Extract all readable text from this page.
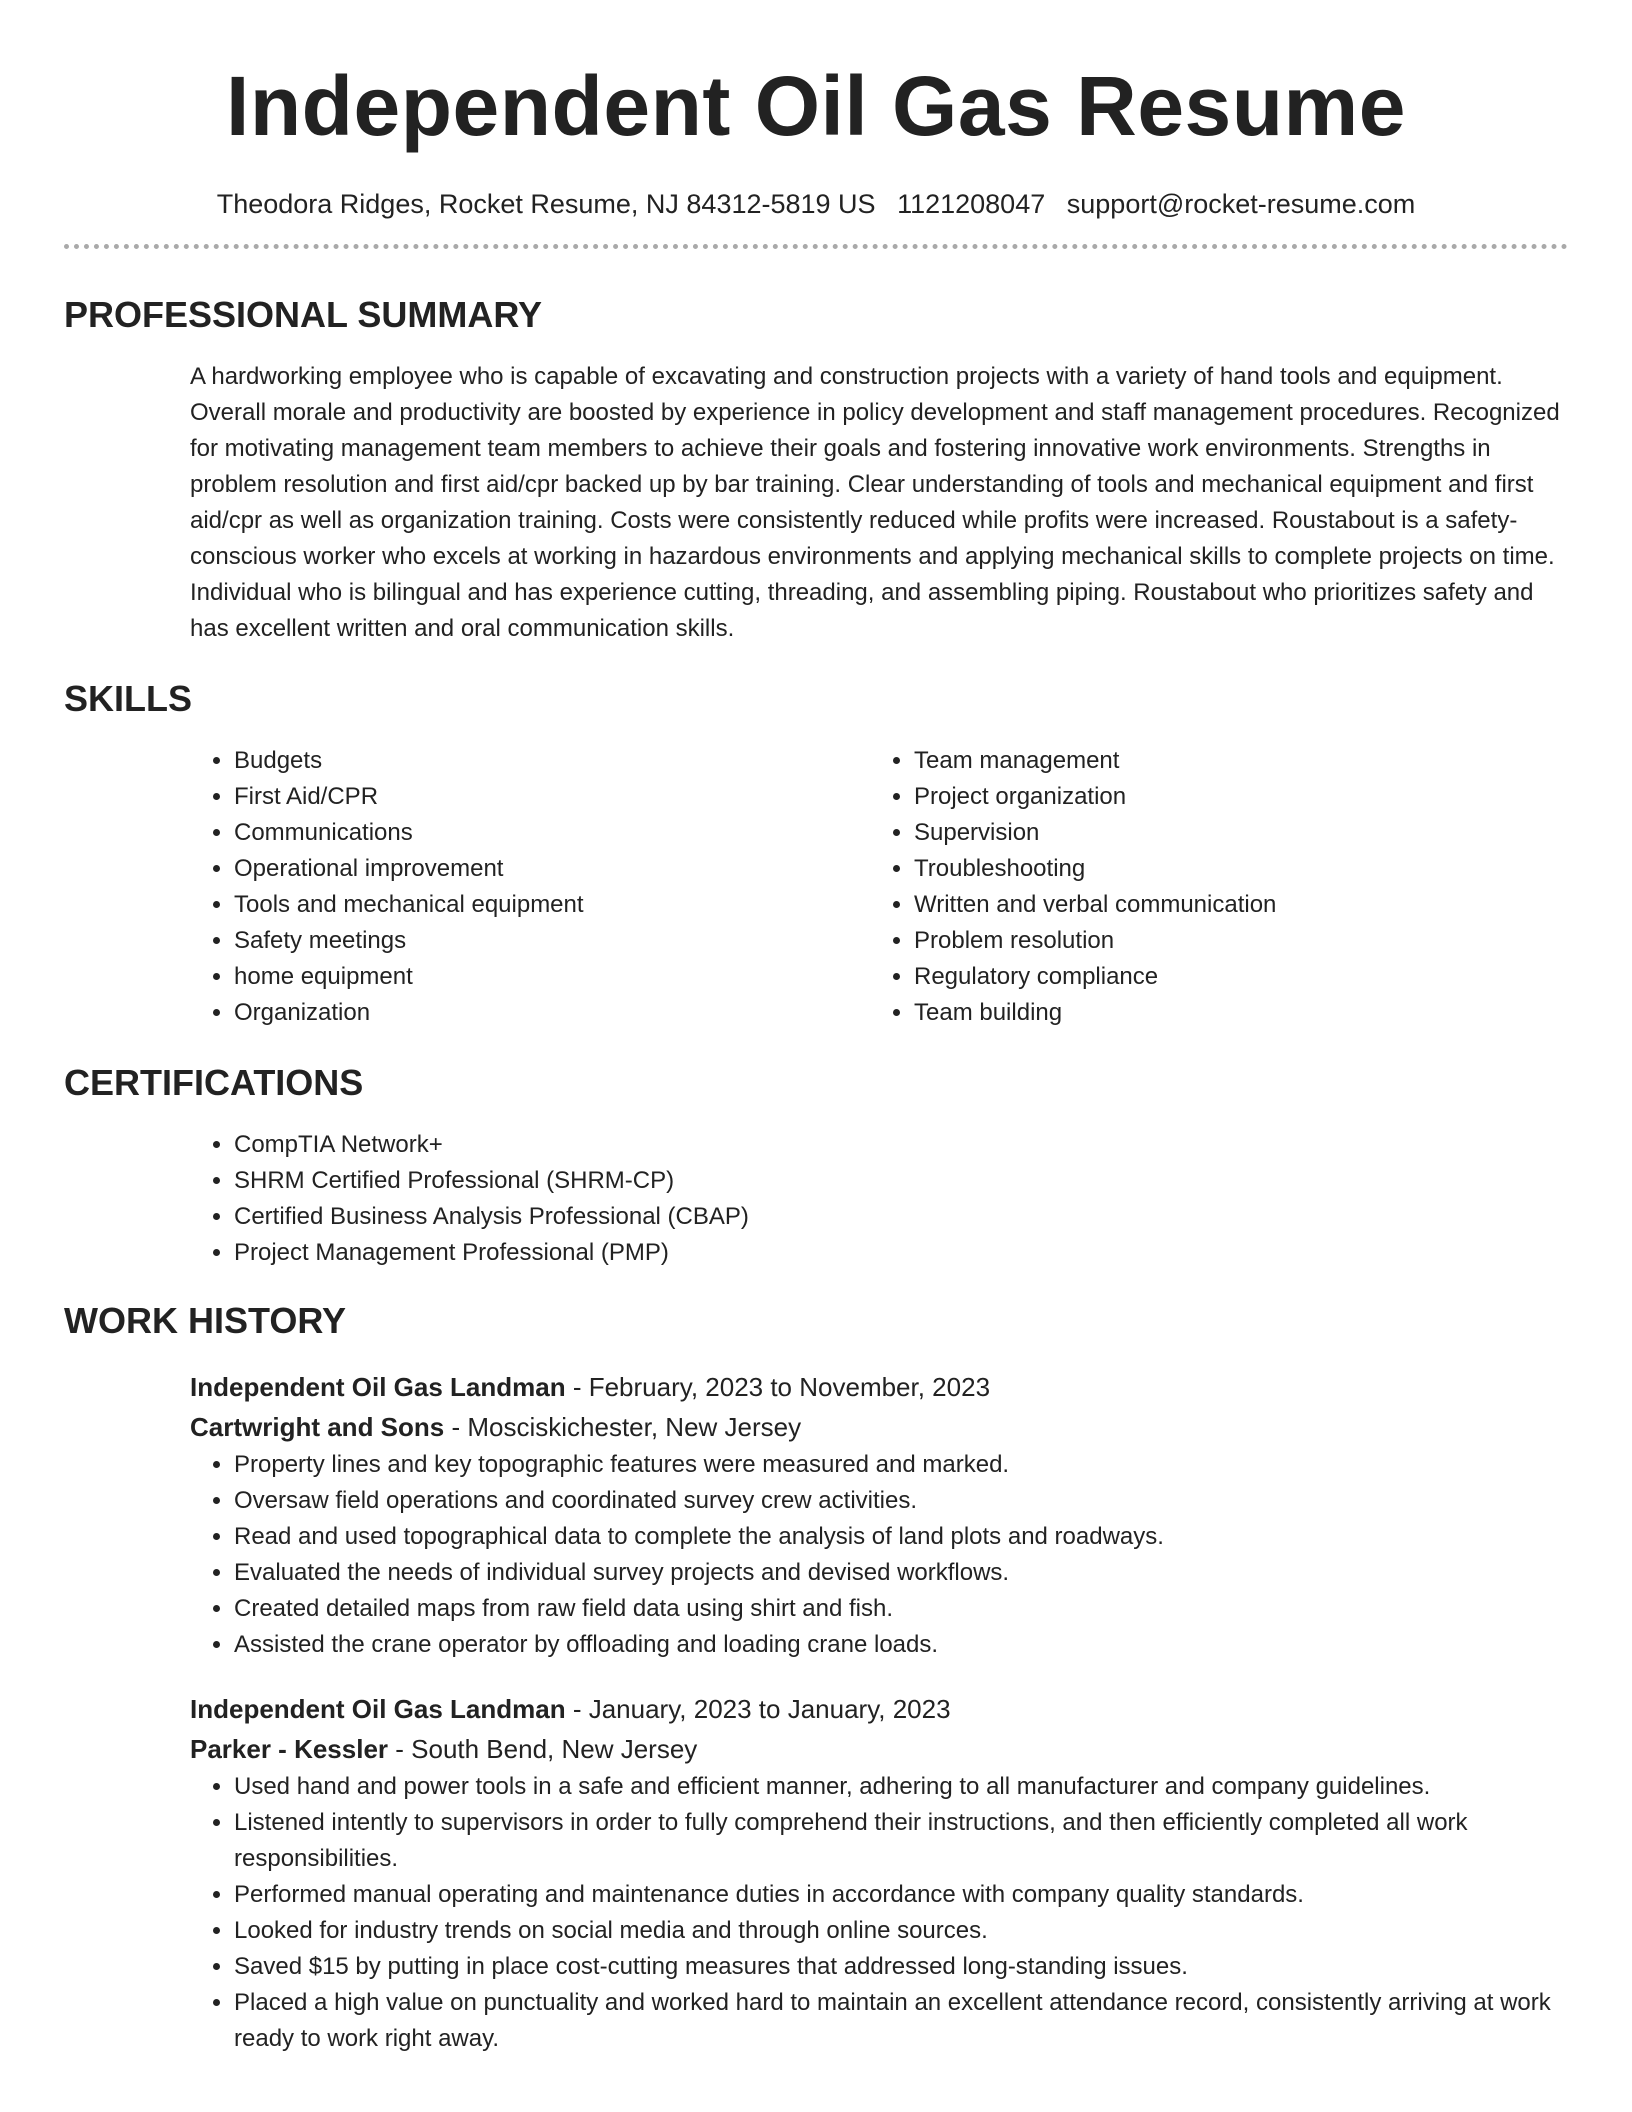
Independent Oil Gas Resume
Theodora Ridges, Rocket Resume, NJ 84312-5819 US 1121208047 support@rocket-resume.com
PROFESSIONAL SUMMARY

A hardworking employee who is capable of excavating and construction projects with a variety of hand tools and equipment. Overall morale and productivity are boosted by experience in policy development and staff management procedures. Recognized for motivating management team members to achieve their goals and fostering innovative work environments. Strengths in problem resolution and first aid/cpr backed up by bar training. Clear understanding of tools and mechanical equipment and first aid/cpr as well as organization training. Costs were consistently reduced while profits were increased. Roustabout is a safety-conscious worker who excels at working in hazardous environments and applying mechanical skills to complete projects on time. Individual who is bilingual and has experience cutting, threading, and assembling piping. Roustabout who prioritizes safety and has excellent written and oral communication skills.

SKILLS
• Budgets
• First Aid/CPR
• Communications
• Operational improvement
• Tools and mechanical equipment
• Safety meetings
• home equipment
• Organization
• Team management
• Project organization
• Supervision
• Troubleshooting
• Written and verbal communication
• Problem resolution
• Regulatory compliance
• Team building
CERTIFICATIONS
• CompTIA Network+
• SHRM Certified Professional (SHRM-CP)
• Certified Business Analysis Professional (CBAP)
• Project Management Professional (PMP)
WORK HISTORY
Independent Oil Gas Landman - February, 2023 to November, 2023
Cartwright and Sons - Mosciskichester, New Jersey
• Property lines and key topographic features were measured and marked.
• Oversaw field operations and coordinated survey crew activities.
• Read and used topographical data to complete the analysis of land plots and roadways.
• Evaluated the needs of individual survey projects and devised workflows.
• Created detailed maps from raw field data using shirt and fish.
• Assisted the crane operator by offloading and loading crane loads.
Independent Oil Gas Landman - January, 2023 to January, 2023
Parker - Kessler - South Bend, New Jersey
• Used hand and power tools in a safe and efficient manner, adhering to all manufacturer and company guidelines.
• Listened intently to supervisors in order to fully comprehend their instructions, and then efficiently completed all work responsibilities.
• Performed manual operating and maintenance duties in accordance with company quality standards.
• Looked for industry trends on social media and through online sources.
• Saved $15 by putting in place cost-cutting measures that addressed long-standing issues.
• Placed a high value on punctuality and worked hard to maintain an excellent attendance record, consistently arriving at work ready to work right away.
